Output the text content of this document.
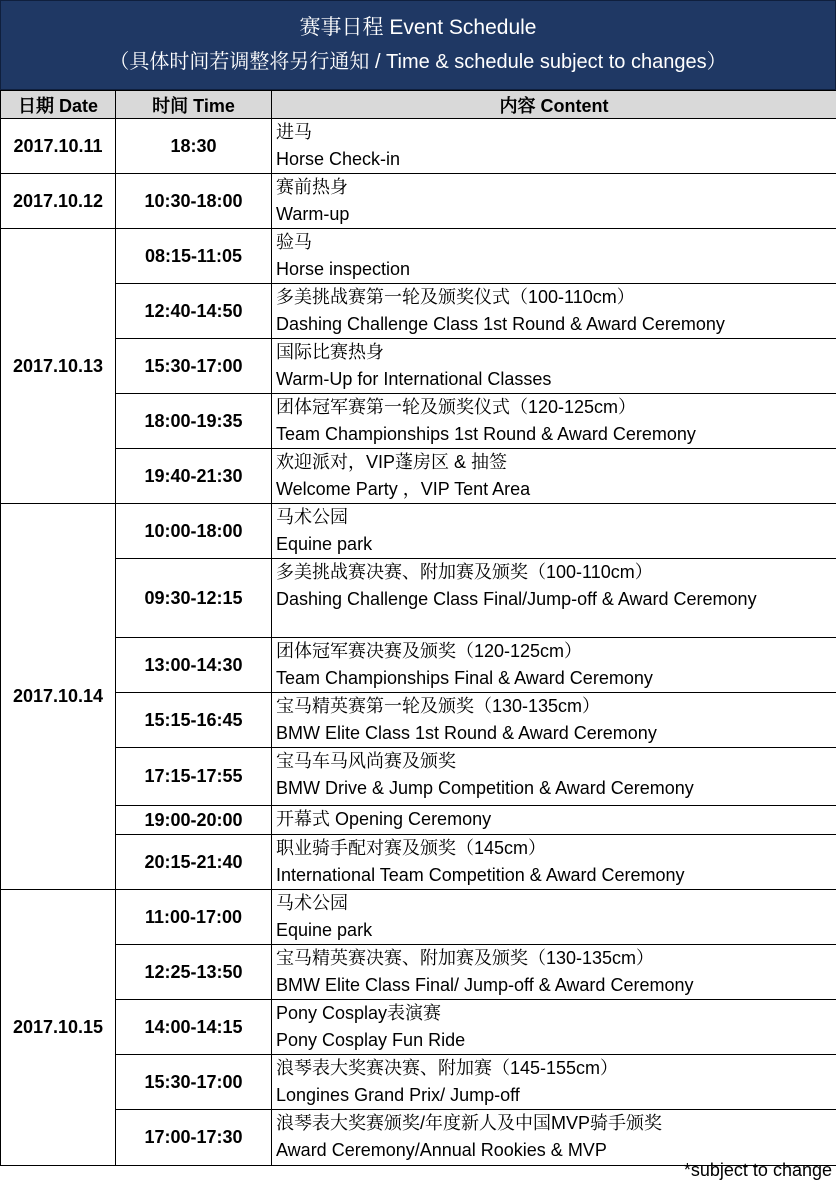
赛事日程 Event Schedule
（具体时间若调整将另行通知 / Time & schedule subject to changes）
日期 Date	时间 Time	内容 Content
2017.10.11	18:30	进马
Horse Check-in

2017.10.12	10:30-18:00	赛前热身
Warm-up

2017.10.13	08:15-11:05	验马
Horse inspection

	12:40-14:50	多美挑战赛第一轮及颁奖仪式（100-110cm）
Dashing Challenge Class 1st Round & Award Ceremony

	15:30-17:00	国际比赛热身
Warm-Up for International Classes

	18:00-19:35	团体冠军赛第一轮及颁奖仪式（120-125cm）
Team Championships 1st Round & Award Ceremony

	19:40-21:30	欢迎派对，VIP蓬房区 & 抽签
Welcome Party ，VIP Tent Area

2017.10.14	10:00-18:00	马术公园
Equine park

	09:30-12:15	多美挑战赛决赛、附加赛及颁奖（100-110cm）
Dashing Challenge Class Final/Jump-off & Award Ceremony

	13:00-14:30	团体冠军赛决赛及颁奖（120-125cm）
Team Championships Final & Award Ceremony

	15:15-16:45	宝马精英赛第一轮及颁奖（130-135cm）
BMW Elite Class 1st Round & Award Ceremony

	17:15-17:55	宝马车马风尚赛及颁奖
BMW Drive & Jump Competition & Award Ceremony

	19:00-20:00	开幕式 Opening Ceremony

	20:15-21:40	职业骑手配对赛及颁奖（145cm）
International Team Competition & Award Ceremony

2017.10.15	11:00-17:00	马术公园
Equine park

	12:25-13:50	宝马精英赛决赛、附加赛及颁奖（130-135cm）
BMW Elite Class Final/ Jump-off & Award Ceremony

	14:00-14:15	Pony Cosplay表演赛
Pony Cosplay Fun Ride

	15:30-17:00	浪琴表大奖赛决赛、附加赛（145-155cm）
Longines Grand Prix/ Jump-off

	17:00-17:30	浪琴表大奖赛颁奖/年度新人及中国MVP骑手颁奖
Award Ceremony/Annual Rookies & MVP
*subject to change
